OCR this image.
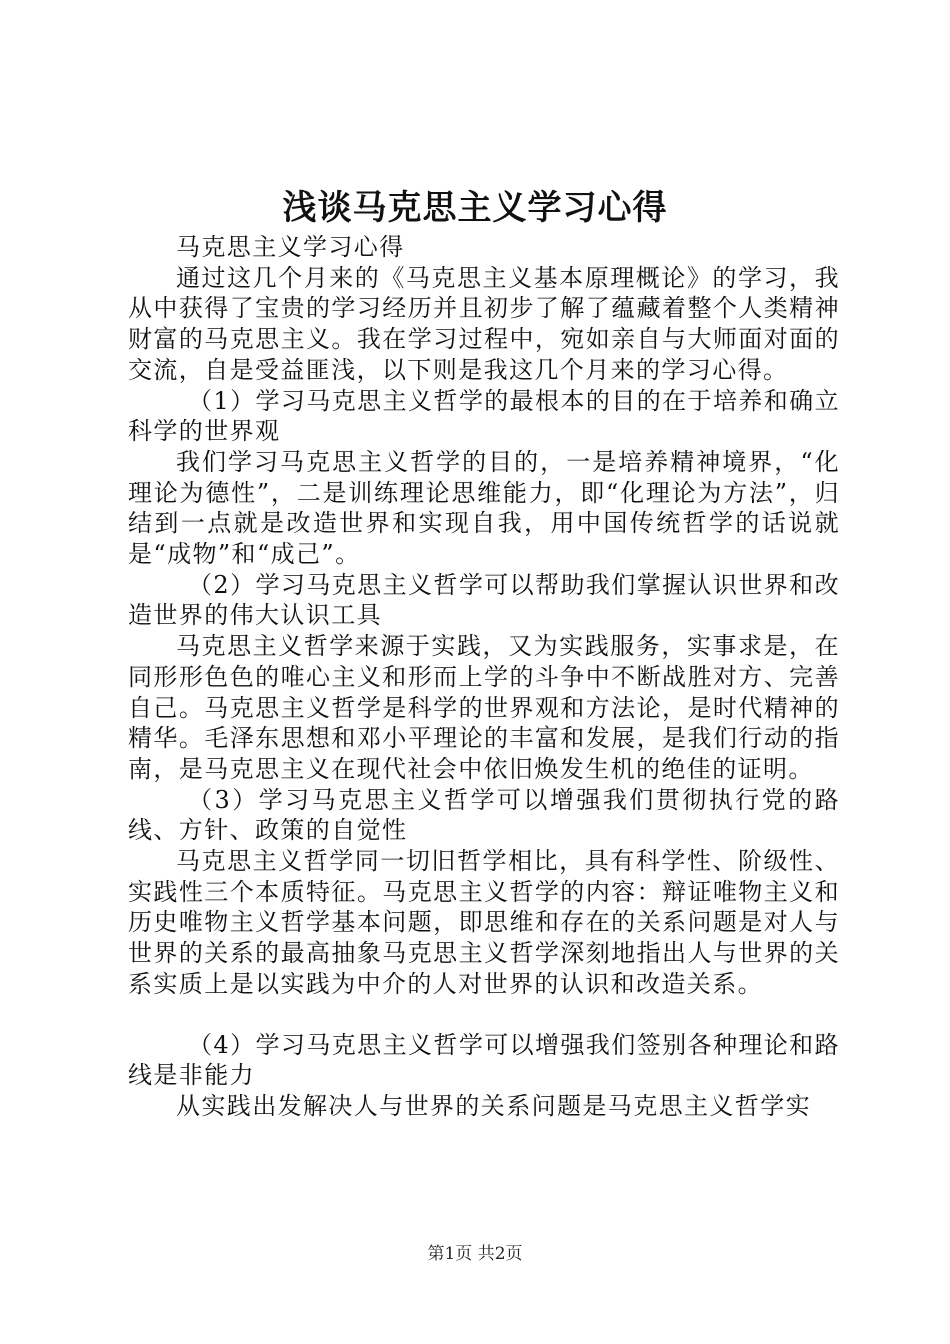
浅谈马克思主义学习心得

马克思主义学习心得

通过这几个月来的《马克思主义基本原理概论》的学习，我从中获得了宝贵的学习经历并且初步了解了蕴藏着整个人类精神财富的马克思主义。我在学习过程中，宛如亲自与大师面对面的交流，自是受益匪浅，以下则是我这几个月来的学习心得。

（1）学习马克思主义哲学的最根本的目的在于培养和确立科学的世界观

我们学习马克思主义哲学的目的，一是培养精神境界，“化理论为德性”，二是训练理论思维能力，即“化理论为方法”，归结到一点就是改造世界和实现自我，用中国传统哲学的话说就是“成物”和“成己”。

（2）学习马克思主义哲学可以帮助我们掌握认识世界和改造世界的伟大认识工具

马克思主义哲学来源于实践，又为实践服务，实事求是，在同形形色色的唯心主义和形而上学的斗争中不断战胜对方、完善自己。马克思主义哲学是科学的世界观和方法论，是时代精神的精华。毛泽东思想和邓小平理论的丰富和发展，是我们行动的指南，是马克思主义在现代社会中依旧焕发生机的绝佳的证明。

（3）学习马克思主义哲学可以增强我们贯彻执行党的路线、方针、政策的自觉性

马克思主义哲学同一切旧哲学相比，具有科学性、阶级性、实践性三个本质特征。马克思主义哲学的内容：辩证唯物主义和历史唯物主义哲学基本问题，即思维和存在的关系问题是对人与世界的关系的最高抽象马克思主义哲学深刻地指出人与世界的关系实质上是以实践为中介的人对世界的认识和改造关系。

（4）学习马克思主义哲学可以增强我们签别各种理论和路线是非能力

从实践出发解决人与世界的关系问题是马克思主义哲学实

第1页 共2页
